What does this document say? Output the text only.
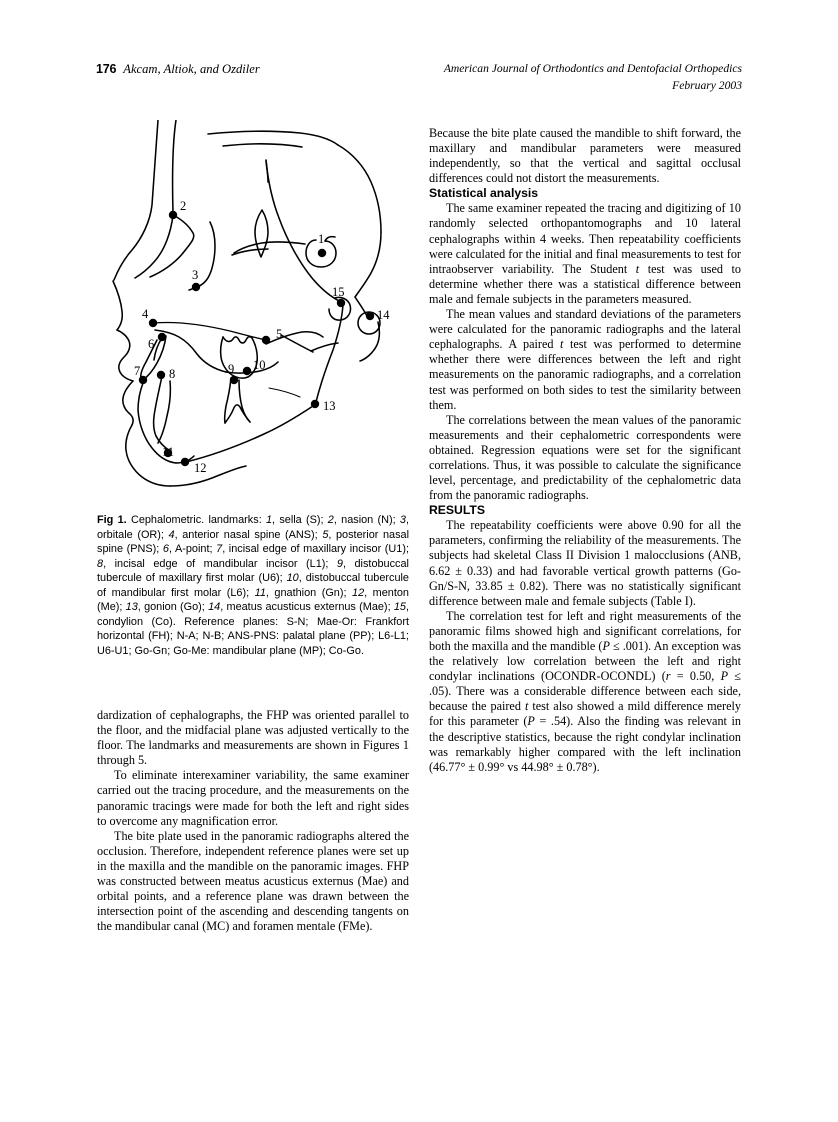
176 Akcam, Altiok, and Ozdiler	American Journal of Orthodontics and Dentofacial Orthopedics
February 2003
1
2
3
4
5
6
7 8	9 10
11
12
13
14
15
Fig 1. Cephalometric. landmarks: 1, sella (S); 2, nasion (N); 3, orbitale (OR); 4, anterior nasal spine (ANS); 5, posterior nasal spine (PNS); 6, A-point; 7, incisal edge of maxillary incisor (U1); 8, incisal edge of mandibular incisor (L1); 9, distobuccal tubercule of maxillary first molar (U6); 10, distobuccal tubercule of mandibular first molar (L6); 11, gnathion (Gn); 12, menton (Me); 13, gonion (Go); 14, meatus acusticus externus (Mae); 15, condylion (Co). Reference planes: S-N; Mae-Or: Frankfort horizontal (FH); N-A; N-B; ANS-PNS: palatal plane (PP); L6-L1; U6-U1; Go-Gn; Go-Me: mandibular plane (MP); Co-Go.

dardization of cephalographs, the FHP was oriented parallel to the floor, and the midfacial plane was adjusted vertically to the floor. The landmarks and measurements are shown in Figures 1 through 5.

To eliminate interexaminer variability, the same examiner carried out the tracing procedure, and the measurements on the panoramic tracings were made for both the left and right sides to overcome any magnification error.

The bite plate used in the panoramic radiographs altered the occlusion. Therefore, independent reference planes were set up in the maxilla and the mandible on the panoramic images. FHP was constructed between meatus acusticus externus (Mae) and orbital points, and a reference plane was drawn between the intersection point of the ascending and descending tangents on the mandibular canal (MC) and foramen mentale (FMe).

Because the bite plate caused the mandible to shift forward, the maxillary and mandibular parameters were measured independently, so that the vertical and sagittal occlusal differences could not distort the measurements.

Statistical analysis

The same examiner repeated the tracing and digitizing of 10 randomly selected orthopantomographs and 10 lateral cephalographs within 4 weeks. Then repeatability coefficients were calculated for the initial and final measurements to test for intraobserver variability. The Student t test was used to determine whether there was a statistical difference between male and female subjects in the parameters measured.

The mean values and standard deviations of the parameters were calculated for the panoramic radiographs and the lateral cephalographs. A paired t test was performed to determine whether there were differences between the left and right measurements on the panoramic radiographs, and a correlation test was performed on both sides to test the similarity between them.

The correlations between the mean values of the panoramic measurements and their cephalometric correspondents were obtained. Regression equations were set for the significant correlations. Thus, it was possible to calculate the significance level, percentage, and predictability of the cephalometric data from the panoramic radiographs.

RESULTS

The repeatability coefficients were above 0.90 for all the parameters, confirming the reliability of the measurements. The subjects had skeletal Class II Division 1 malocclusions (ANB, 6.62 ± 0.33) and had favorable vertical growth patterns (Go-Gn/S-N, 33.85 ± 0.82). There was no statistically significant difference between male and female subjects (Table I).

The correlation test for left and right measurements of the panoramic films showed high and significant correlations, for both the maxilla and the mandible (P ≤ .001). An exception was the relatively low correlation between the left and right condylar inclinations (OCONDR-OCONDL) (r = 0.50, P ≤ .05). There was a considerable difference between each side, because the paired t test also showed a mild difference merely for this parameter (P = .54). Also the finding was relevant in the descriptive statistics, because the right condylar inclination was remarkably higher compared with the left inclination (46.77° ± 0.99° vs 44.98° ± 0.78°).
